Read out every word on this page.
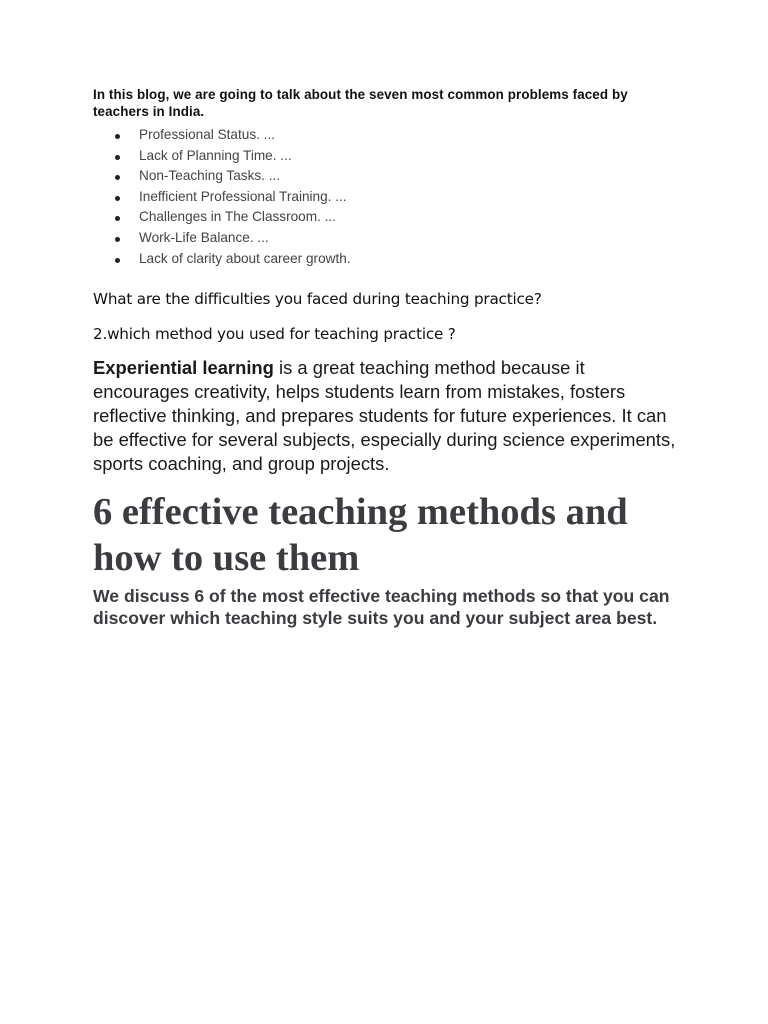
In this blog, we are going to talk about the seven most common problems faced by teachers in India.

Professional Status. ...
Lack of Planning Time. ...
Non-Teaching Tasks. ...
Inefficient Professional Training. ...
Challenges in The Classroom. ...
Work-Life Balance. ...
Lack of clarity about career growth.

What are the difficulties you faced during teaching practice?

2.which method you used for teaching practice ?

Experiential learning is a great teaching method because it encourages creativity, helps students learn from mistakes, fosters reflective thinking, and prepares students for future experiences. It can be effective for several subjects, especially during science experiments, sports coaching, and group projects.

6 effective teaching methods and how to use them

We discuss 6 of the most effective teaching methods so that you can discover which teaching style suits you and your subject area best.
